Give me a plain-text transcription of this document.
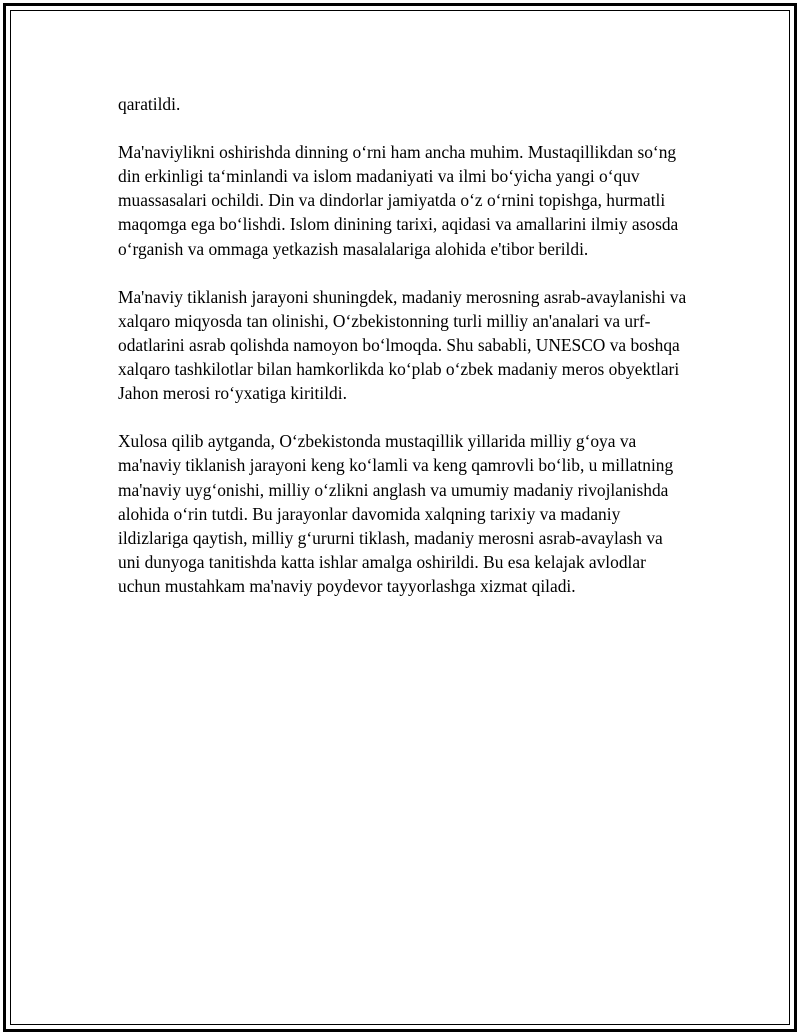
qaratildi.

Ma'naviylikni oshirishda dinning o‘rni ham ancha muhim. Mustaqillikdan so‘ng din erkinligi ta‘minlandi va islom madaniyati va ilmi bo‘yicha yangi o‘quv muassasalari ochildi. Din va dindorlar jamiyatda o‘z o‘rnini topishga, hurmatli maqomga ega bo‘lishdi. Islom dinining tarixi, aqidasi va amallarini ilmiy asosda o‘rganish va ommaga yetkazish masalalariga alohida e'tibor berildi.

Ma'naviy tiklanish jarayoni shuningdek, madaniy merosning asrab-avaylanishi va xalqaro miqyosda tan olinishi, O‘zbekistonning turli milliy an'analari va urf-odatlarini asrab qolishda namoyon bo‘lmoqda. Shu sababli, UNESCO va boshqa xalqaro tashkilotlar bilan hamkorlikda ko‘plab o‘zbek madaniy meros obyektlari Jahon merosi ro‘yxatiga kiritildi.

Xulosa qilib aytganda, O‘zbekistonda mustaqillik yillarida milliy g‘oya va ma'naviy tiklanish jarayoni keng ko‘lamli va keng qamrovli bo‘lib, u millatning ma'naviy uyg‘onishi, milliy o‘zlikni anglash va umumiy madaniy rivojlanishda alohida o‘rin tutdi. Bu jarayonlar davomida xalqning tarixiy va madaniy ildizlariga qaytish, milliy g‘ururni tiklash, madaniy merosni asrab-avaylash va uni dunyoga tanitishda katta ishlar amalga oshirildi. Bu esa kelajak avlodlar uchun mustahkam ma'naviy poydevor tayyorlashga xizmat qiladi.
